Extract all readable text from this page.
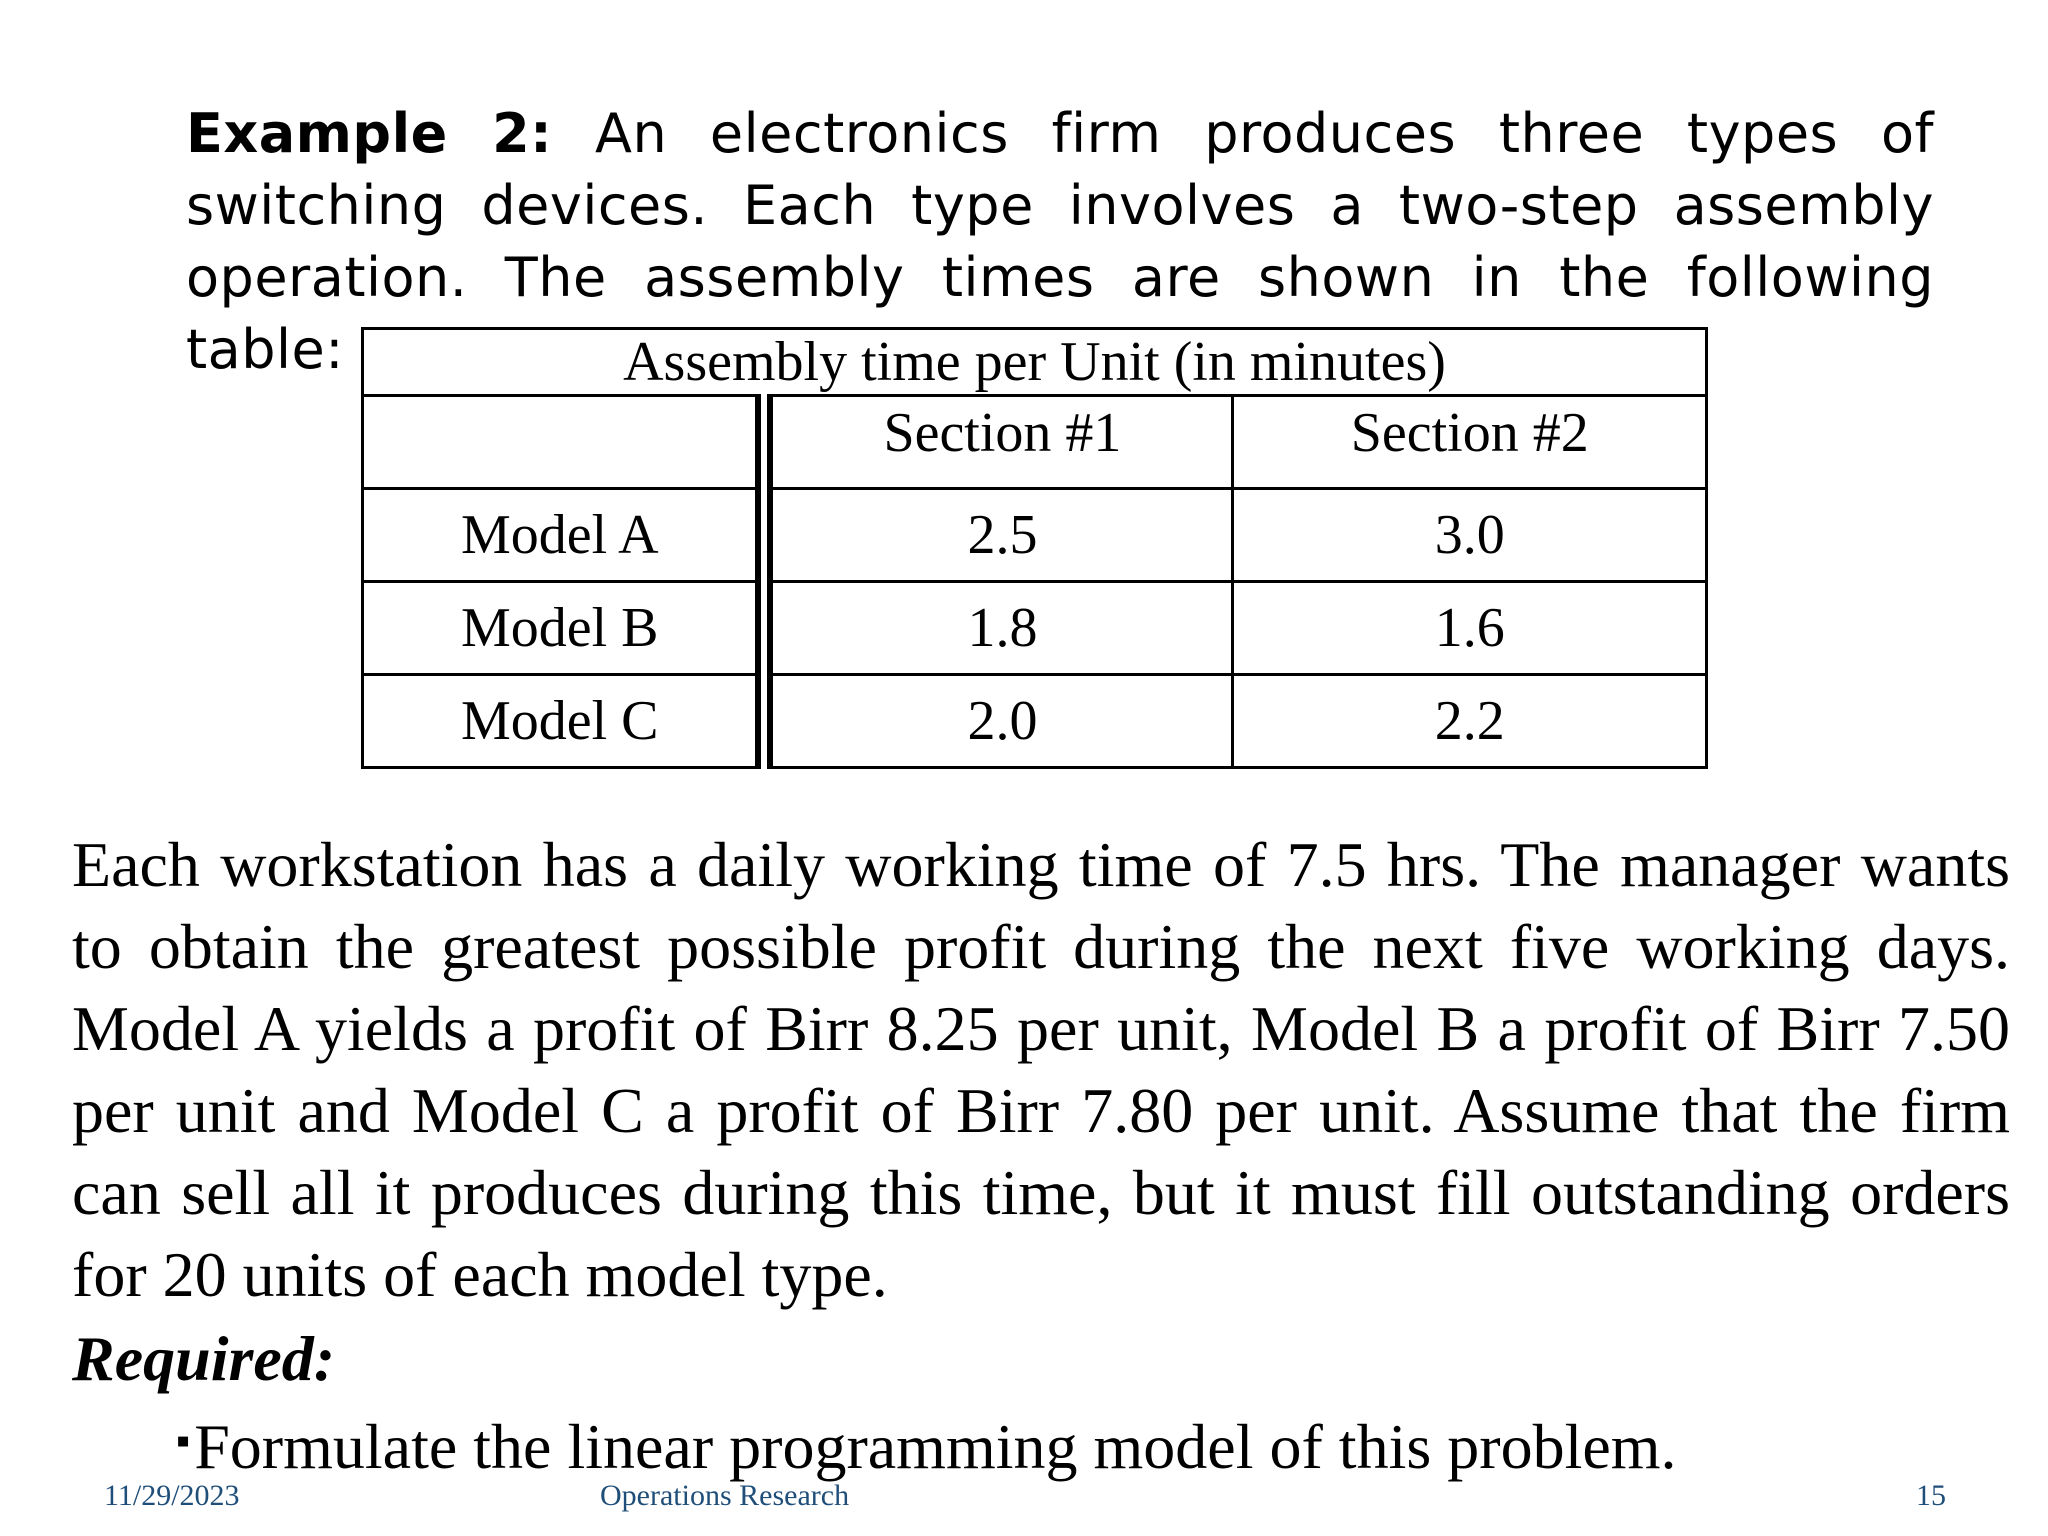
Example 2: An electronics firm produces three types of switching devices. Each type involves a two-step assembly operation. The assembly times are shown in the following table:	Assembly time per Unit (in minutes)		
	Section #1	Section #2
Model A	2.5	3.0
Model B	1.8	1.6
Model C	2.0	2.2

Each workstation has a daily working time of 7.5 hrs. The manager wants to obtain the greatest possible profit during the next five working days. Model A yields a profit of Birr 8.25 per unit, Model B a profit of Birr 7.50 per unit and Model C a profit of Birr 7.80 per unit. Assume that the firm can sell all it produces during this time, but it must fill outstanding orders for 20 units of each model type.

Required:

▪Formulate the linear programming model of this problem.

11/29/2023	Operations Research	15
